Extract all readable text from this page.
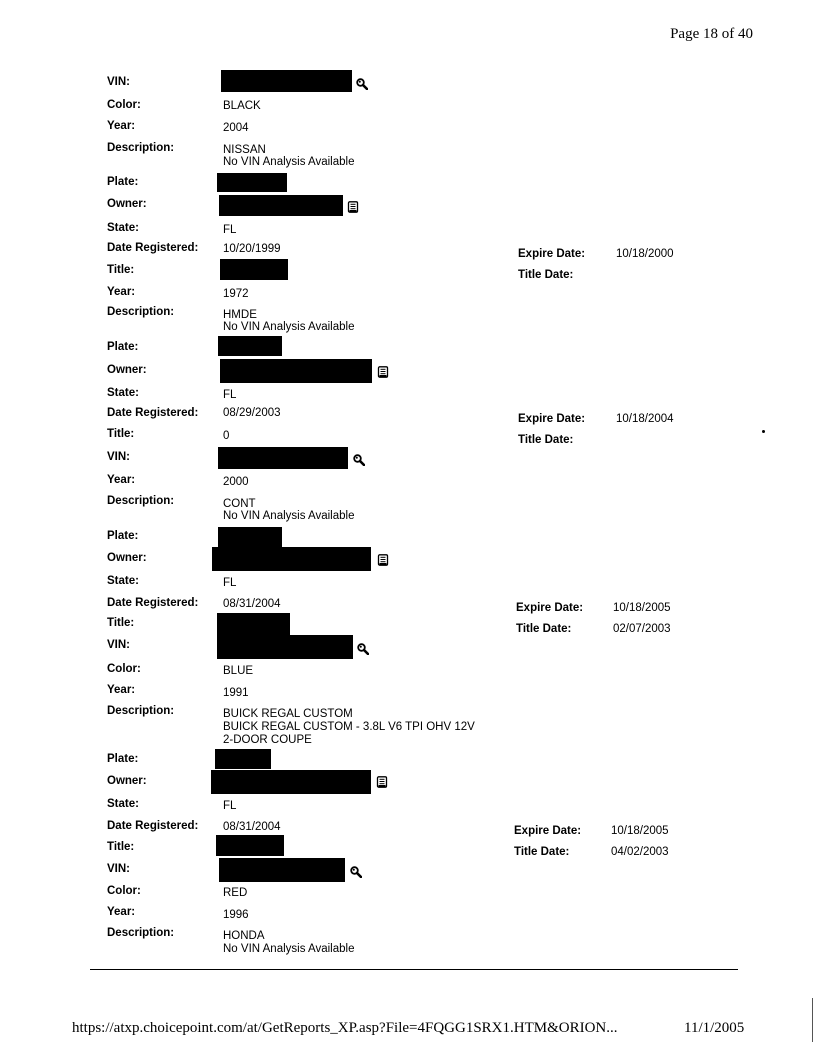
Page 18 of 40
VIN:
Color:	BLACK
Year:	2004
Description:	NISSAN
No VIN Analysis Available
Plate:
Owner:
State:	FL
Date Registered: 10/20/1999	Expire Date:	10/18/2000
Title:	Title Date:
Year:	1972
Description:	HMDE
No VIN Analysis Available
Plate:
Owner:
State:	FL
Date Registered: 08/29/2003	Expire Date:	10/18/2004
Title:	0	Title Date:
VIN:
Year:	2000
Description:	CONT
No VIN Analysis Available
Plate:
Owner:
State:	FL
Date Registered: 08/31/2004	Expire Date:	10/18/2005
Title:	Title Date:	02/07/2003
VIN:
Color:	BLUE
Year:	1991
Description:	BUICK REGAL CUSTOM
BUICK REGAL CUSTOM - 3.8L V6 TPI OHV 12V
2-DOOR COUPE
Plate:
Owner:
State:	FL
Date Registered: 08/31/2004	Expire Date:	10/18/2005
Title:	Title Date:	04/02/2003
VIN:
Color:	RED
Year:	1996
Description:	HONDA
No VIN Analysis Available
https://atxp.choicepoint.com/at/GetReports_XP.asp?File=4FQGG1SRX1.HTM&ORION...	11/1/2005
